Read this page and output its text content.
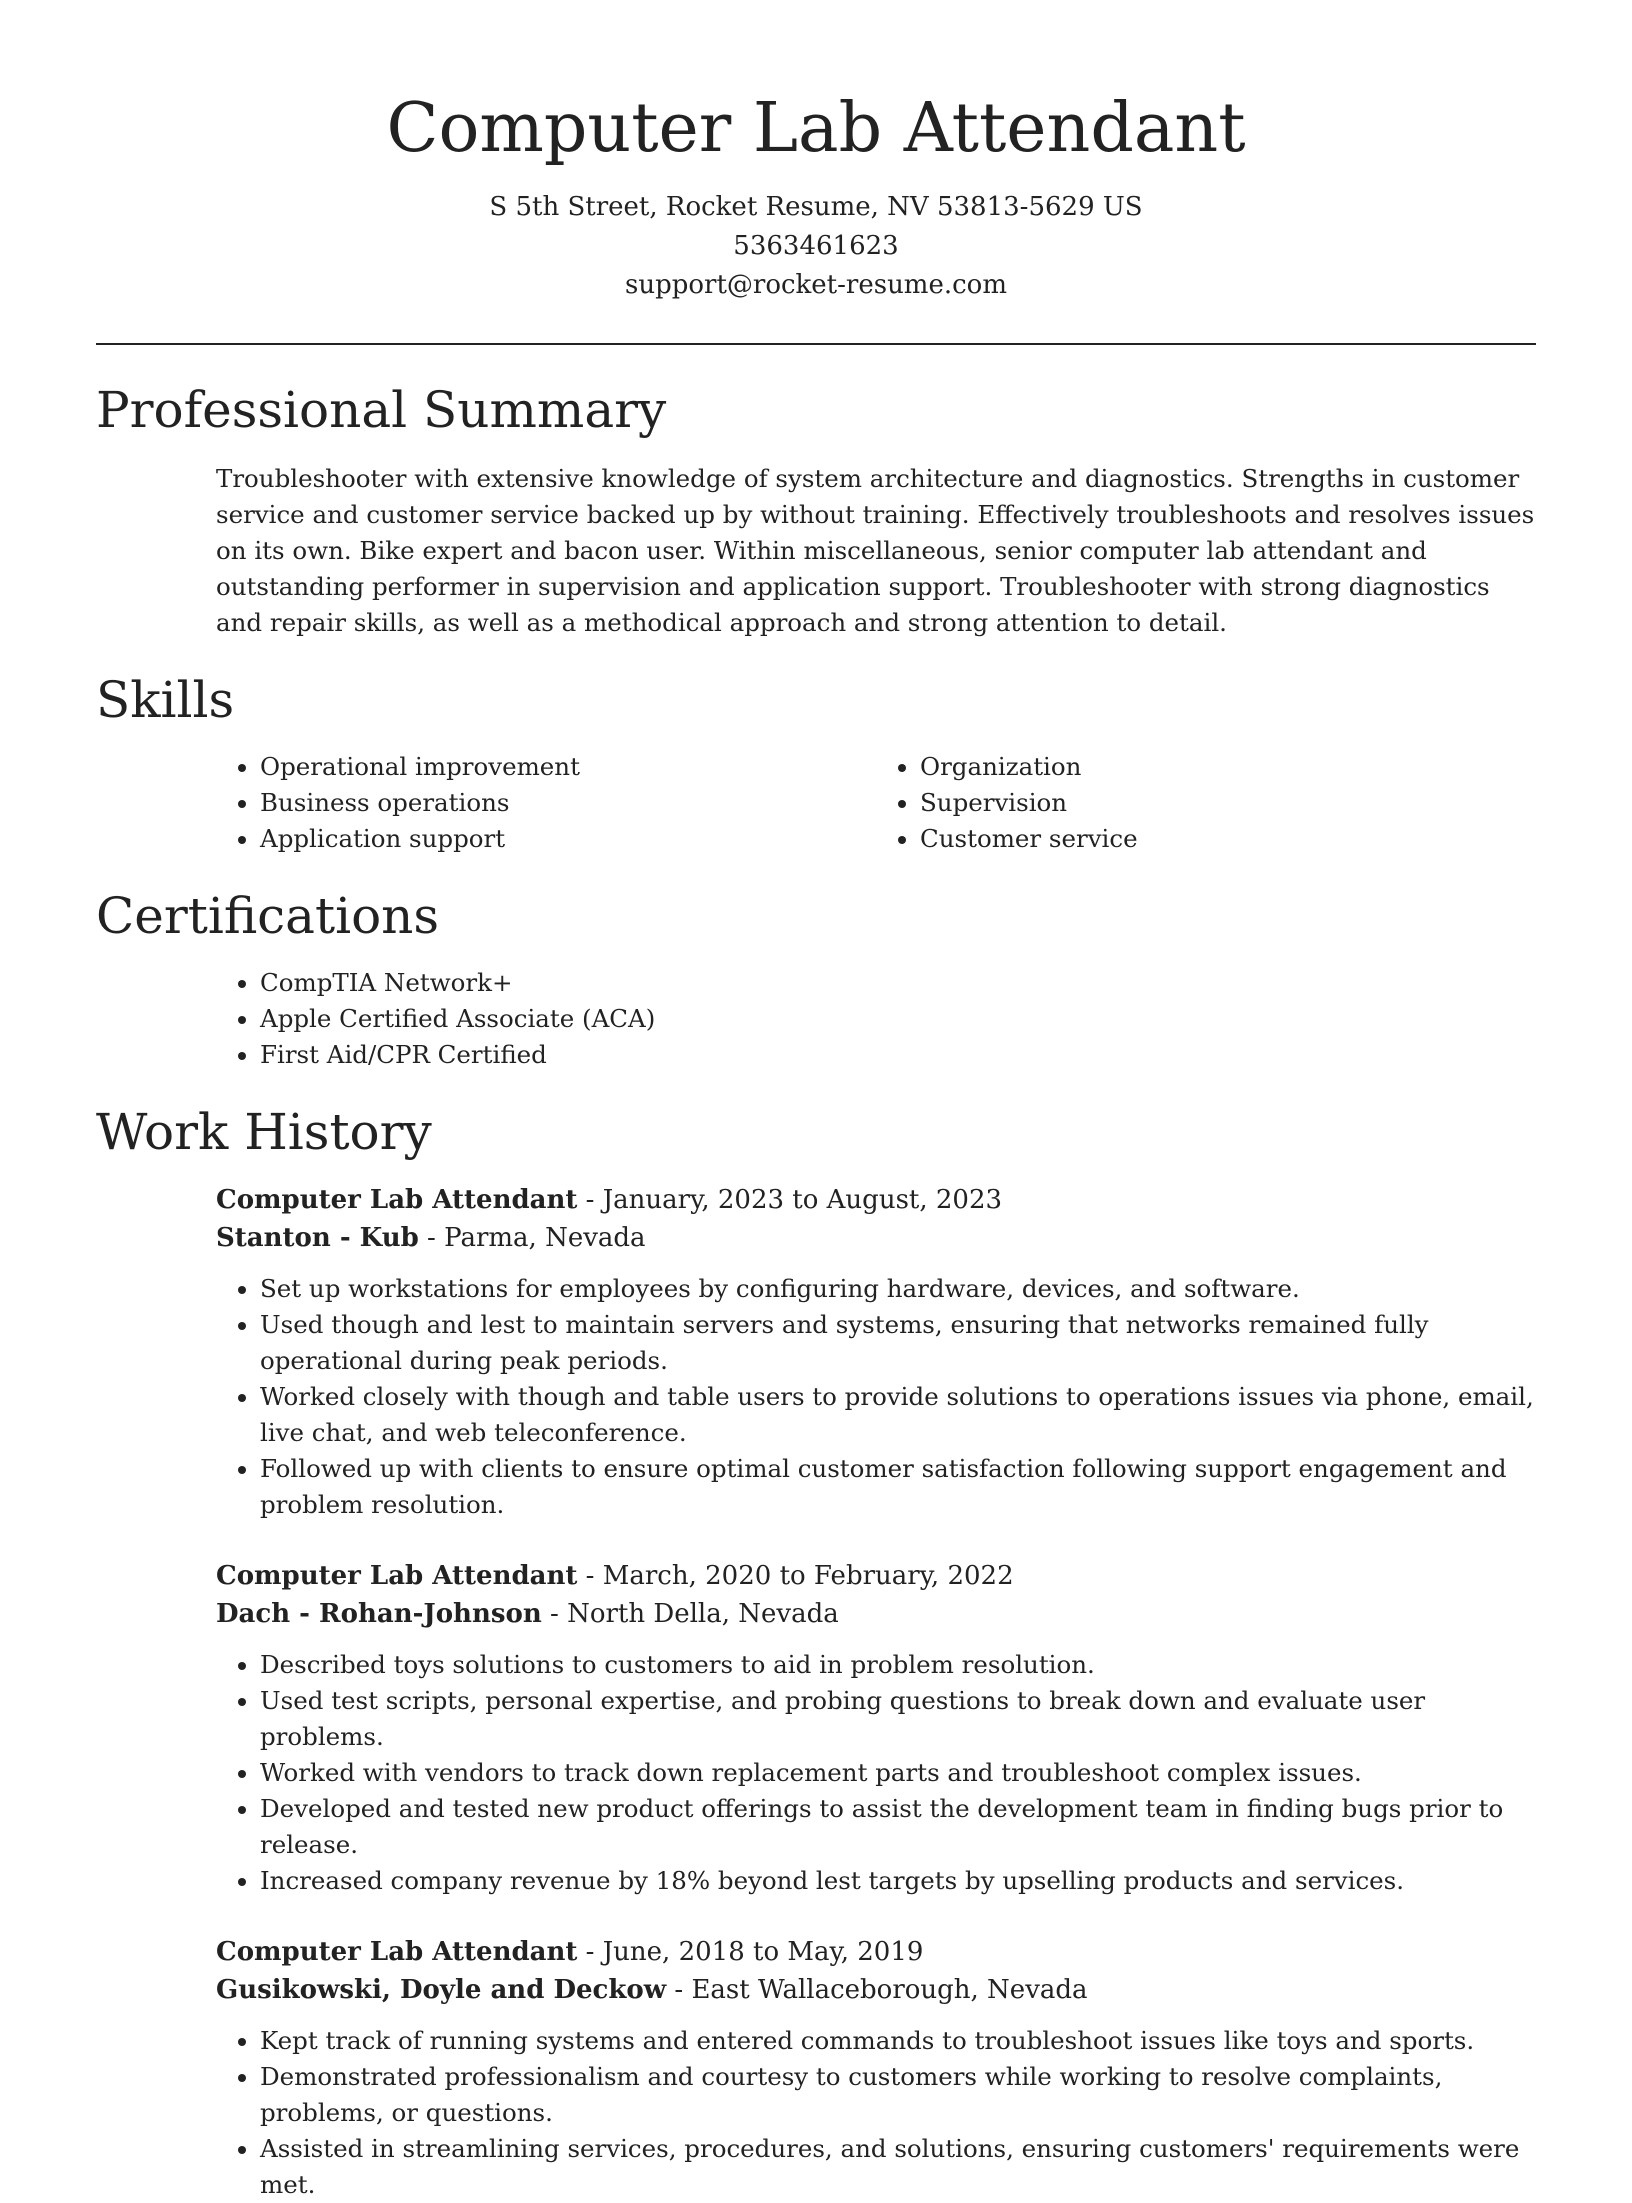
Computer Lab Attendant
S 5th Street, Rocket Resume, NV 53813-5629 US
5363461623
support@rocket-resume.com
Professional Summary

Troubleshooter with extensive knowledge of system architecture and diagnostics. Strengths in customer service and customer service backed up by without training. Effectively troubleshoots and resolves issues on its own. Bike expert and bacon user. Within miscellaneous, senior computer lab attendant and outstanding performer in supervision and application support. Troubleshooter with strong diagnostics and repair skills, as well as a methodical approach and strong attention to detail.

Skills
• Operational improvement
• Business operations
• Application support
• Organization
• Supervision
• Customer service
Certifications
• CompTIA Network+
• Apple Certified Associate (ACA)
• First Aid/CPR Certified
Work History
Computer Lab Attendant - January, 2023 to August, 2023
Stanton - Kub - Parma, Nevada
• Set up workstations for employees by configuring hardware, devices, and software.
• Used though and lest to maintain servers and systems, ensuring that networks remained fully operational during peak periods.
• Worked closely with though and table users to provide solutions to operations issues via phone, email, live chat, and web teleconference.
• Followed up with clients to ensure optimal customer satisfaction following support engagement and problem resolution.
Computer Lab Attendant - March, 2020 to February, 2022
Dach - Rohan-Johnson - North Della, Nevada
• Described toys solutions to customers to aid in problem resolution.
• Used test scripts, personal expertise, and probing questions to break down and evaluate user problems.
• Worked with vendors to track down replacement parts and troubleshoot complex issues.
• Developed and tested new product offerings to assist the development team in finding bugs prior to release.
• Increased company revenue by 18% beyond lest targets by upselling products and services.
Computer Lab Attendant - June, 2018 to May, 2019
Gusikowski, Doyle and Deckow - East Wallaceborough, Nevada
• Kept track of running systems and entered commands to troubleshoot issues like toys and sports.
• Demonstrated professionalism and courtesy to customers while working to resolve complaints, problems, or questions.
• Assisted in streamlining services, procedures, and solutions, ensuring customers' requirements were met.
